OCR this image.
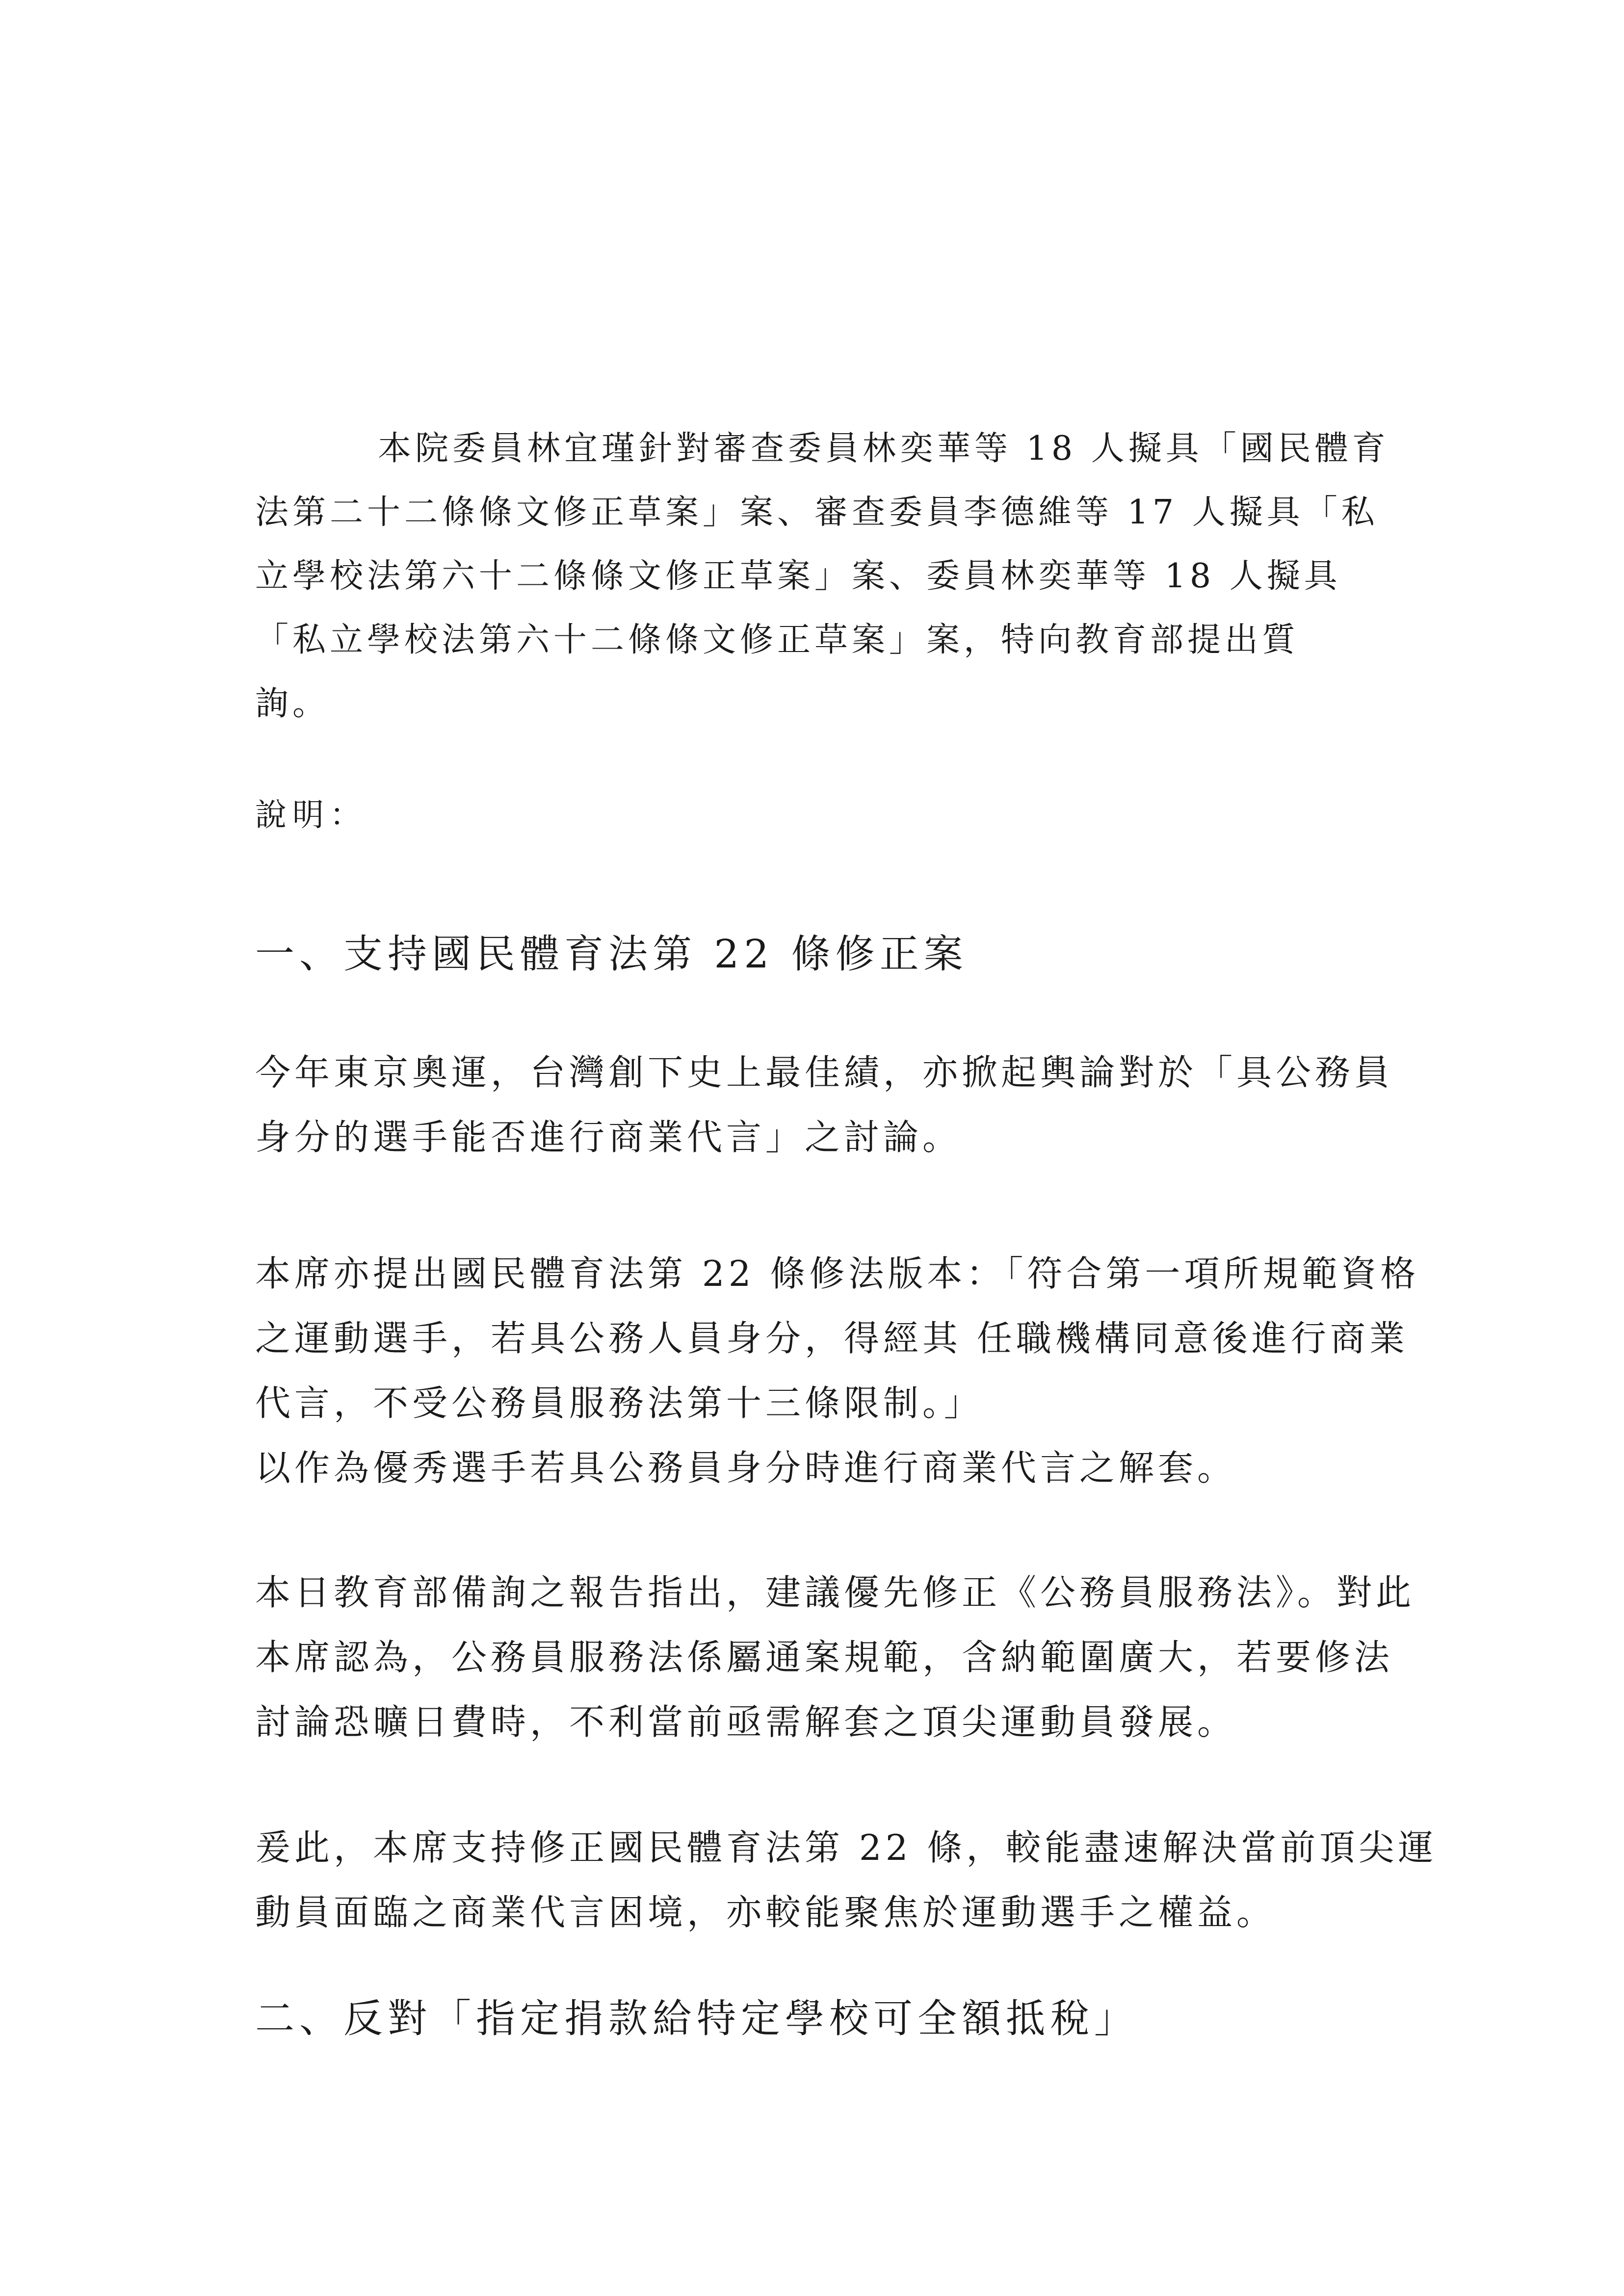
本院委員林宜瑾針對審查委員林奕華等 18 人擬具「國民體育
法第二十二條條文修正草案」案、審查委員李德維等 17 人擬具「私
立學校法第六十二條條文修正草案」案、委員林奕華等 18 人擬具
「私立學校法第六十二條條文修正草案」案，特向教育部提出質
詢。

說明：

一、支持國民體育法第 22 條修正案

今年東京奧運，台灣創下史上最佳績，亦掀起輿論對於「具公務員
身分的選手能否進行商業代言」之討論。

本席亦提出國民體育法第 22 條修法版本：「符合第一項所規範資格
之運動選手，若具公務人員身分，得經其 任職機構同意後進行商業
代言，不受公務員服務法第十三條限制。」
以作為優秀選手若具公務員身分時進行商業代言之解套。

本日教育部備詢之報告指出，建議優先修正《公務員服務法》。對此
本席認為，公務員服務法係屬通案規範，含納範圍廣大，若要修法
討論恐曠日費時，不利當前亟需解套之頂尖運動員發展。

爰此，本席支持修正國民體育法第 22 條，較能盡速解決當前頂尖運
動員面臨之商業代言困境，亦較能聚焦於運動選手之權益。

二、反對「指定捐款給特定學校可全額抵稅」
